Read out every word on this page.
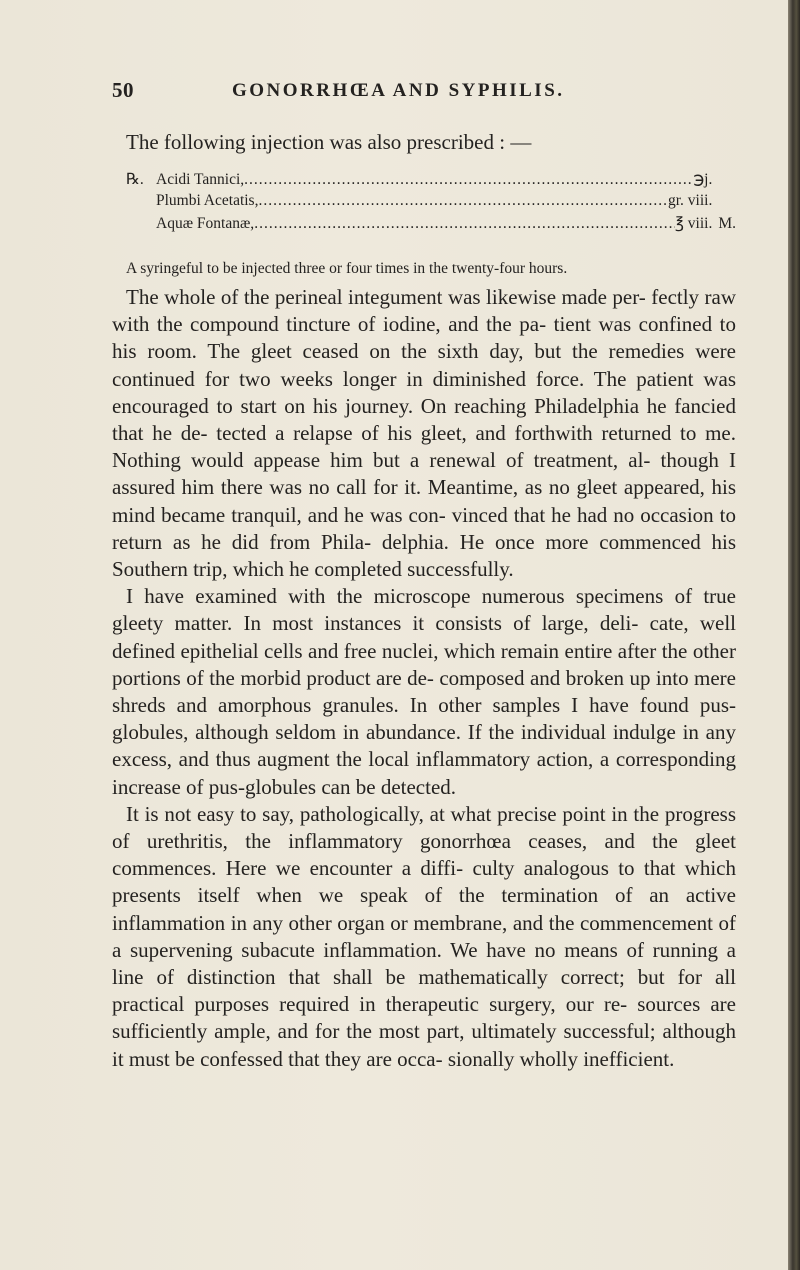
50	GONORRHŒA AND SYPHILIS.
The following injection was also prescribed : —
℞. Acidi Tannici, .....	℈j.
Plumbi Acetatis, .....	gr. viii.
Aquæ Fontanæ, .....	℥ viii. M.
A syringeful to be injected three or four times in the twenty-four hours.

The whole of the perineal integument was likewise made per- fectly raw with the compound tincture of iodine, and the pa- tient was confined to his room. The gleet ceased on the sixth day, but the remedies were continued for two weeks longer in diminished force. The patient was encouraged to start on his journey. On reaching Philadelphia he fancied that he de- tected a relapse of his gleet, and forthwith returned to me. Nothing would appease him but a renewal of treatment, al- though I assured him there was no call for it. Meantime, as no gleet appeared, his mind became tranquil, and he was con- vinced that he had no occasion to return as he did from Phila- delphia. He once more commenced his Southern trip, which he completed successfully.

I have examined with the microscope numerous specimens of true gleety matter. In most instances it consists of large, deli- cate, well defined epithelial cells and free nuclei, which remain entire after the other portions of the morbid product are de- composed and broken up into mere shreds and amorphous granules. In other samples I have found pus-globules, although seldom in abundance. If the individual indulge in any excess, and thus augment the local inflammatory action, a corresponding increase of pus-globules can be detected.

It is not easy to say, pathologically, at what precise point in the progress of urethritis, the inflammatory gonorrhœa ceases, and the gleet commences. Here we encounter a diffi- culty analogous to that which presents itself when we speak of the termination of an active inflammation in any other organ or membrane, and the commencement of a supervening subacute inflammation. We have no means of running a line of distinction that shall be mathematically correct; but for all practical purposes required in therapeutic surgery, our re- sources are sufficiently ample, and for the most part, ultimately successful; although it must be confessed that they are occa- sionally wholly inefficient.
